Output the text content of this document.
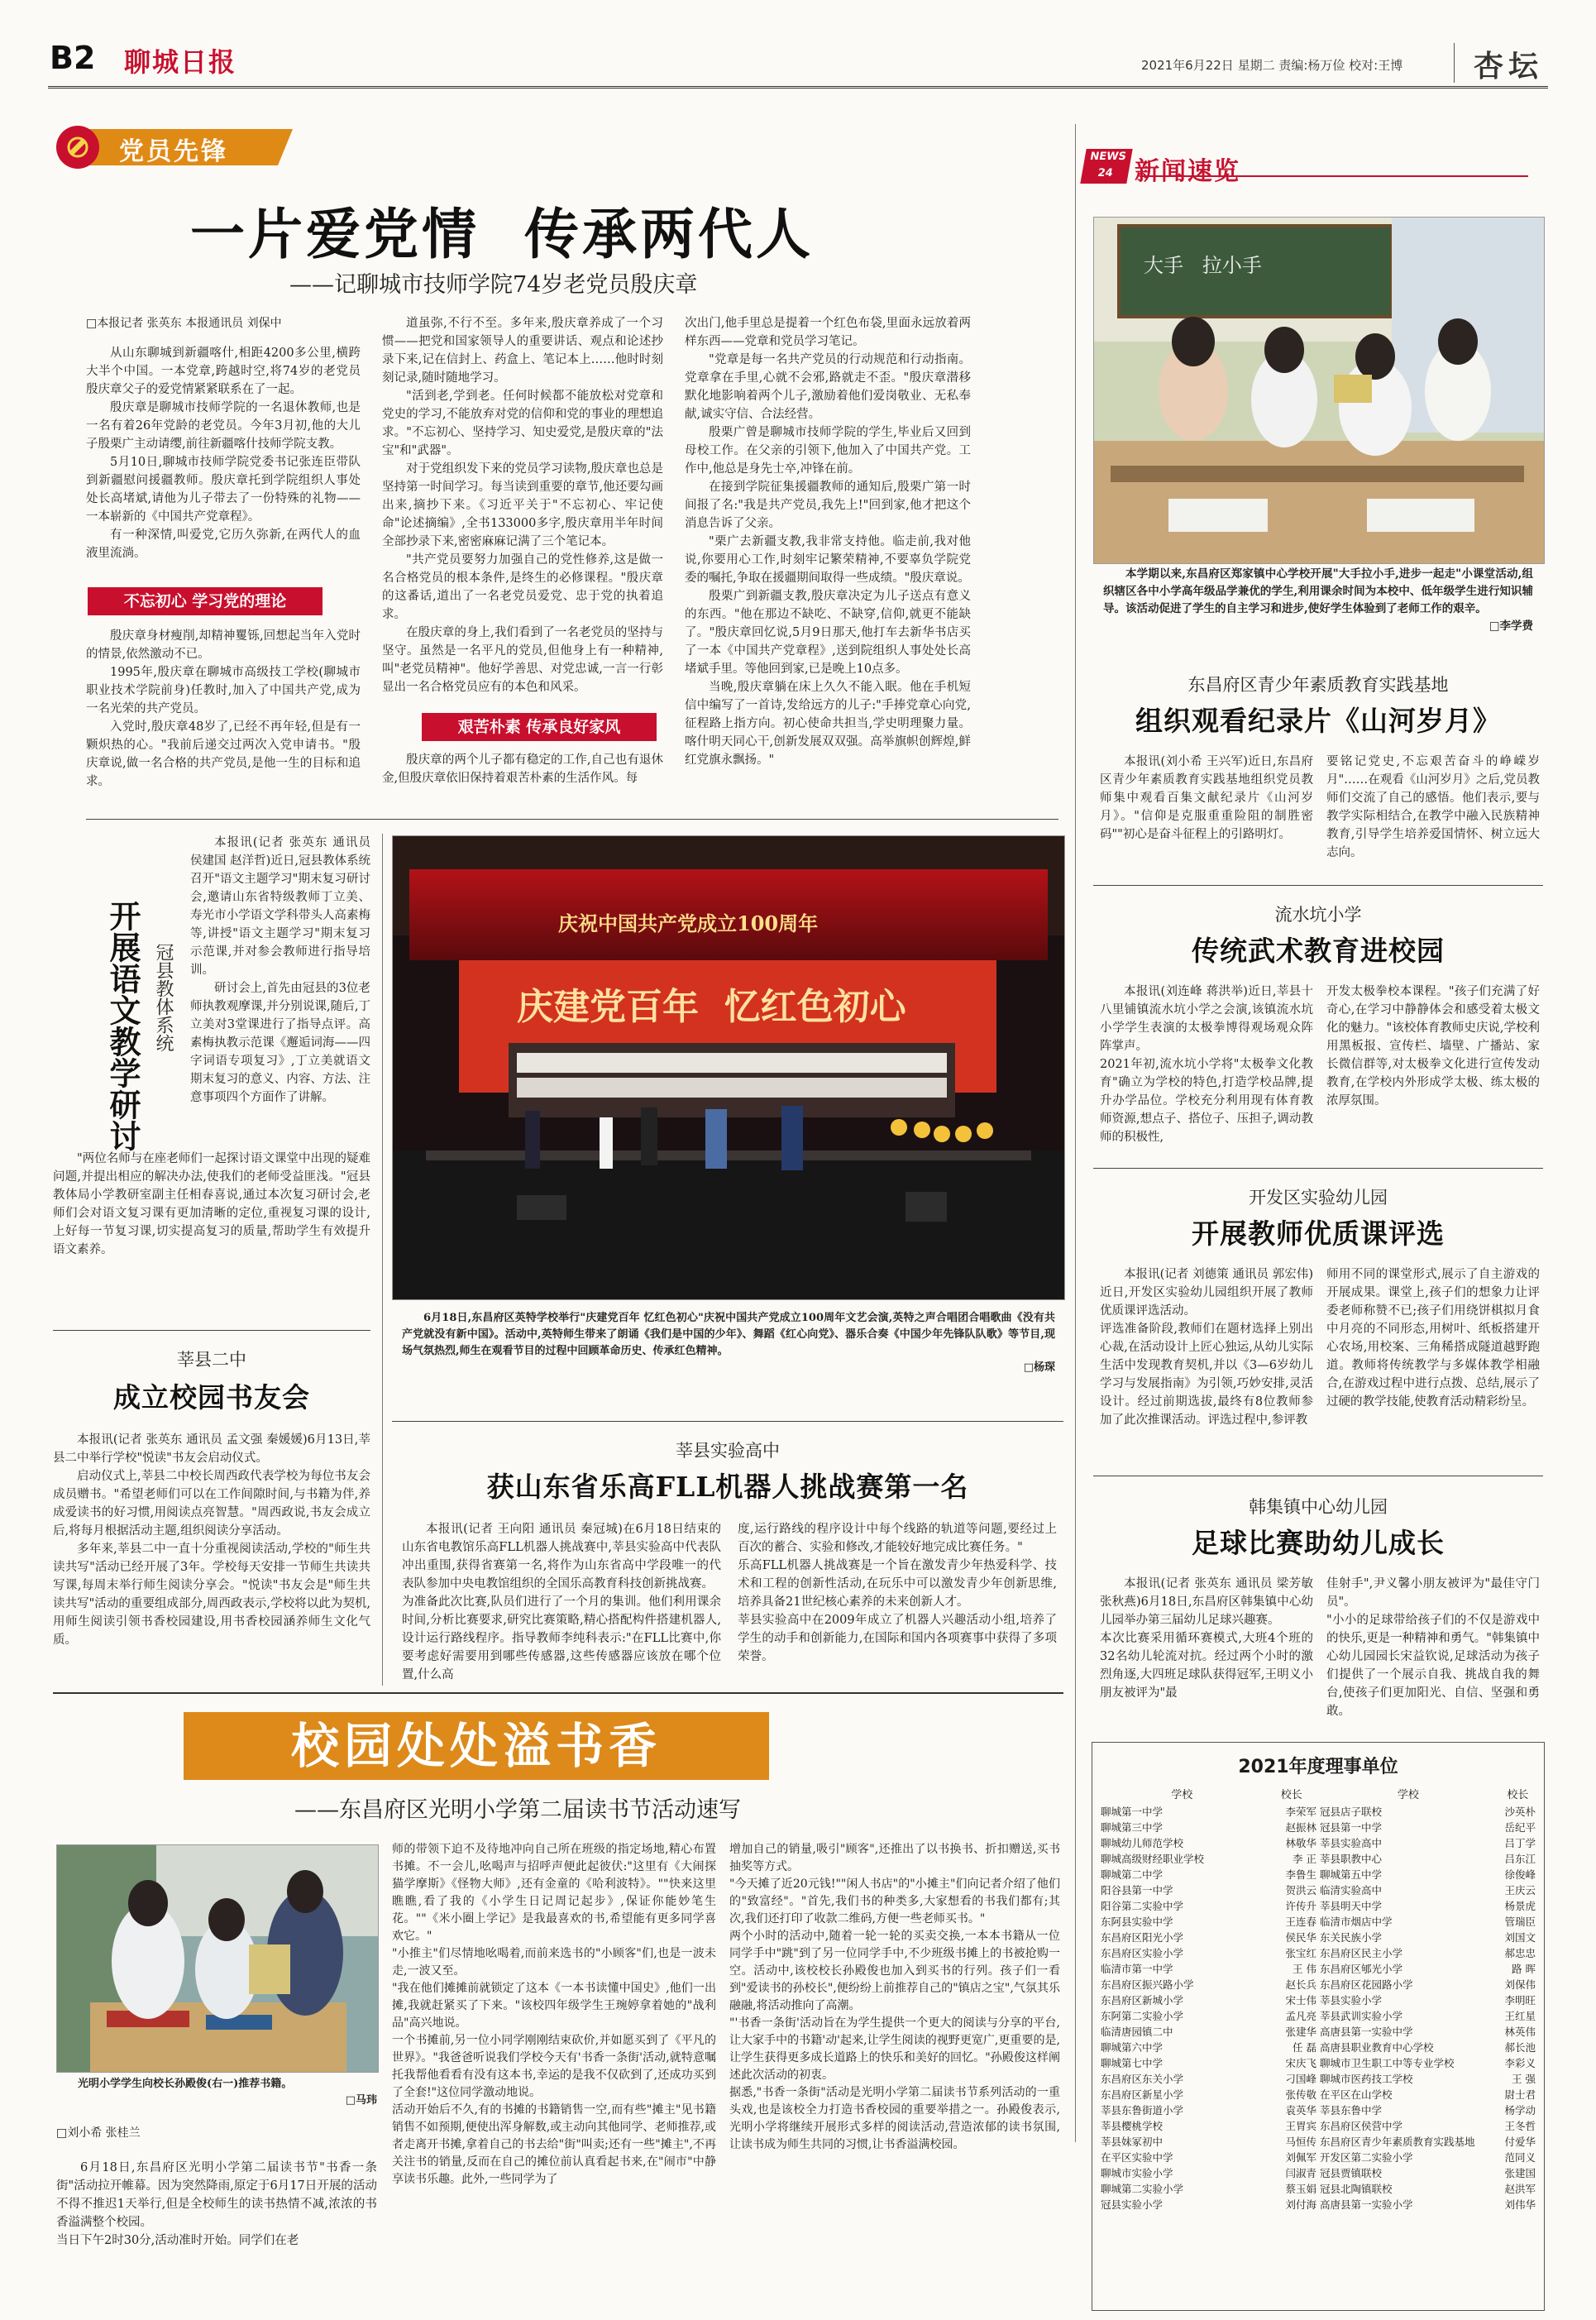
B2 聊城日报	2021年6月22日 星期二 责编:杨万俭 校对:王博 杏坛
党员先锋
一片爱党情  传承两代人
——记聊城市技师学院74岁老党员殷庆章
□本报记者 张英东 本报通讯员 刘保中

从山东聊城到新疆喀什,相距4200多公里,横跨大半个中国。一本党章,跨越时空,将74岁的老党员殷庆章父子的爱党情紧紧联系在了一起。

殷庆章是聊城市技师学院的一名退休教师,也是一名有着26年党龄的老党员。今年3月初,他的大儿子殷栗广主动请缨,前往新疆喀什技师学院支教。

5月10日,聊城市技师学院党委书记张连臣带队到新疆慰问援疆教师。殷庆章托到学院组织人事处处长高堵斌,请他为儿子带去了一份特殊的礼物——一本崭新的《中国共产党章程》。

有一种深情,叫爱党,它历久弥新,在两代人的血液里流淌。

不忘初心 学习党的理论

殷庆章身材瘦削,却精神矍铄,回想起当年入党时的情景,依然激动不已。

1995年,殷庆章在聊城市高级技工学校(聊城市职业技术学院前身)任教时,加入了中国共产党,成为一名光荣的共产党员。

入党时,殷庆章48岁了,已经不再年轻,但是有一颗炽热的心。"我前后递交过两次入党申请书。"殷庆章说,做一名合格的共产党员,是他一生的目标和追求。

道虽弥,不行不至。多年来,殷庆章养成了一个习惯——把党和国家领导人的重要讲话、观点和论述抄录下来,记在信封上、药盒上、笔记本上……他时时刻刻记录,随时随地学习。

"活到老,学到老。任何时候都不能放松对党章和党史的学习,不能放弃对党的信仰和党的事业的理想追求。"不忘初心、坚持学习、知史爱党,是殷庆章的"法宝"和"武器"。

对于党组织发下来的党员学习读物,殷庆章也总是坚持第一时间学习。每当读到重要的章节,他还要勾画出来,摘抄下来。《习近平关于"不忘初心、牢记使命"论述摘编》,全书133000多字,殷庆章用半年时间全部抄录下来,密密麻麻记满了三个笔记本。

"共产党员要努力加强自己的党性修养,这是做一名合格党员的根本条件,是终生的必修课程。"殷庆章的这番话,道出了一名老党员爱党、忠于党的执着追求。

在殷庆章的身上,我们看到了一名老党员的坚持与坚守。虽然是一名平凡的党员,但他身上有一种精神,叫"老党员精神"。他好学善思、对党忠诚,一言一行彰显出一名合格党员应有的本色和风采。

艰苦朴素 传承良好家风

殷庆章的两个儿子都有稳定的工作,自己也有退休金,但殷庆章依旧保持着艰苦朴素的生活作风。每

次出门,他手里总是提着一个红色布袋,里面永远放着两样东西——党章和党员学习笔记。

"党章是每一名共产党员的行动规范和行动指南。党章拿在手里,心就不会邪,路就走不歪。"殷庆章潜移默化地影响着两个儿子,激励着他们爱岗敬业、无私奉献,诚实守信、合法经营。

殷栗广曾是聊城市技师学院的学生,毕业后又回到母校工作。在父亲的引领下,他加入了中国共产党。工作中,他总是身先士卒,冲锋在前。

在接到学院征集援疆教师的通知后,殷栗广第一时间报了名:"我是共产党员,我先上!"回到家,他才把这个消息告诉了父亲。

"栗广去新疆支教,我非常支持他。临走前,我对他说,你要用心工作,时刻牢记繁荣精神,不要辜负学院党委的嘱托,争取在援疆期间取得一些成绩。"殷庆章说。

殷栗广到新疆支教,殷庆章决定为儿子送点有意义的东西。"他在那边不缺吃、不缺穿,信仰,就更不能缺了。"殷庆章回忆说,5月9日那天,他打车去新华书店买了一本《中国共产党章程》,送到院组织人事处处长高堵斌手里。等他回到家,已是晚上10点多。

当晚,殷庆章躺在床上久久不能入眠。他在手机短信中编写了一首诗,发给远方的儿子:"手捧党章心向党,征程路上指方向。初心使命共担当,学史明理聚力量。喀什明天同心干,创新发展双双强。高举旗帜创辉煌,鲜红党旗永飘扬。"

NEWS
24 新闻速览
大手   拉小手
本学期以来,东昌府区郑家镇中心学校开展"大手拉小手,进步一起走"小课堂活动,组织辖区各中小学高年级品学兼优的学生,利用课余时间为本校中、低年级学生进行知识辅导。该活动促进了学生的自主学习和进步,使好学生体验到了老师工作的艰辛。
□李学费
东昌府区青少年素质教育实践基地
组织观看纪录片《山河岁月》
本报讯(刘小希 王兴军)近日,东昌府区青少年素质教育实践基地组织党员教师集中观看百集文献纪录片《山河岁月》。"信仰是克服重重险阻的制胜密码""初心是奋斗征程上的引路明灯。
要铭记党史,不忘艰苦奋斗的峥嵘岁月"……在观看《山河岁月》之后,党员教师们交流了自己的感悟。他们表示,要与教学实际相结合,在教学中融入民族精神教育,引导学生培养爱国情怀、树立远大志向。
流水坑小学
传统武术教育进校园
本报讯(刘连峰 蒋洪举)近日,莘县十八里铺镇流水坑小学之会演,该镇流水坑小学学生表演的太极拳博得观场观众阵阵掌声。
2021年初,流水坑小学将"太极拳文化教育"确立为学校的特色,打造学校品牌,提升办学品位。学校充分利用现有体育教师资源,想点子、搭位子、压担子,调动教师的积极性,
开发太极拳校本课程。"孩子们充满了好奇心,在学习中静静体会和感受着太极文化的魅力。"该校体育教师史庆说,学校利用黑板报、宣传栏、墙壁、广播站、家长微信群等,对太极拳文化进行宣传发动教育,在学校内外形成学太极、练太极的浓厚氛围。
开发区实验幼儿园
开展教师优质课评选
本报讯(记者 刘德策 通讯员 郭宏伟)近日,开发区实验幼儿园组织开展了教师优质课评选活动。
评选准备阶段,教师们在题材选择上别出心裁,在活动设计上匠心独运,从幼儿实际生活中发现教育契机,并以《3—6岁幼儿学习与发展指南》为引领,巧妙安排,灵活设计。经过前期选拔,最终有8位教师参加了此次推课活动。评选过程中,参评教
师用不同的课堂形式,展示了自主游戏的开展成果。课堂上,孩子们的想象力让评委老师称赞不已;孩子们用绕饼棋拟月食中月亮的不同形态,用树叶、纸板搭建开心农场,用校案、三角稀搭成隧道越野跑道。教师将传统教学与多媒体教学相融合,在游戏过程中进行点拨、总结,展示了过硬的教学技能,使教育活动精彩纷呈。
韩集镇中心幼儿园
足球比赛助幼儿成长
本报讯(记者 张英东 通讯员 梁芳敏 张秋燕)6月18日,东昌府区韩集镇中心幼儿园举办第三届幼儿足球兴趣赛。
本次比赛采用循环赛模式,大班4个班的32名幼儿轮流对抗。经过两个小时的激烈角逐,大四班足球队获得冠军,王明义小朋友被评为"最
佳射手",尹义馨小朋友被评为"最佳守门员"。
"小小的足球带给孩子们的不仅是游戏中的快乐,更是一种精神和勇气。"韩集镇中心幼儿园园长宋益钦说,足球活动为孩子们提供了一个展示自我、挑战自我的舞台,使孩子们更加阳光、自信、坚强和勇敢。
开展语文教学研讨 冠县教体系统

本报讯(记者 张英东 通讯员 侯建国 赵洋哲)近日,冠县教体系统召开"语文主题学习"期末复习研讨会,邀请山东省特级教师丁立美、寿光市小学语文学科带头人高素梅等,讲授"语文主题学习"期末复习示范课,并对参会教师进行指导培训。

研讨会上,首先由冠县的3位老师执教观摩课,并分别说课,随后,丁立美对3堂课进行了指导点评。高素梅执教示范课《邂逅词海——四字词语专项复习》,丁立美就语文期末复习的意义、内容、方法、注意事项四个方面作了讲解。

"两位名师与在座老师们一起探讨语文课堂中出现的疑难问题,并提出相应的解决办法,使我们的老师受益匪浅。"冠县教体局小学教研室副主任相春喜说,通过本次复习研讨会,老师们会对语文复习课有更加清晰的定位,重视复习课的设计,上好每一节复习课,切实提高复习的质量,帮助学生有效提升语文素养。

莘县二中
成立校园书友会

本报讯(记者 张英东 通讯员 孟文强 秦媛媛)6月13日,莘县二中举行学校"悦读"书友会启动仪式。

启动仪式上,莘县二中校长周西政代表学校为每位书友会成员赠书。"希望老师们可以在工作间隙时间,与书籍为伴,养成爱读书的好习惯,用阅读点亮智慧。"周西政说,书友会成立后,将每月根据活动主题,组织阅读分享活动。

多年来,莘县二中一直十分重视阅读活动,学校的"师生共读共写"活动已经开展了3年。学校每天安排一节师生共读共写课,每周末举行师生阅读分享会。"悦读"书友会是"师生共读共写"活动的重要组成部分,周西政表示,学校将以此为契机,用师生阅读引领书香校园建设,用书香校园涵养师生文化气质。

庆祝中国共产党成立100周年
庆建党百年  忆红色初心
6月18日,东昌府区英特学校举行"庆建党百年 忆红色初心"庆祝中国共产党成立100周年文艺会演,英特之声合唱团合唱歌曲《没有共产党就没有新中国》。活动中,英特师生带来了朗诵《我们是中国的少年》、舞蹈《红心向党》、器乐合奏《中国少年先锋队队歌》等节目,现场气氛热烈,师生在观看节目的过程中回顾革命历史、传承红色精神。
□杨琛
莘县实验高中
获山东省乐高FLL机器人挑战赛第一名
本报讯(记者 王向阳 通讯员 秦冠城)在6月18日结束的山东省电教馆乐高FLL机器人挑战赛中,莘县实验高中代表队冲出重围,获得省赛第一名,将作为山东省高中学段唯一的代表队参加中央电教馆组织的全国乐高教育科技创新挑战赛。
为准备此次比赛,队员们进行了一个月的集训。他们利用课余时间,分析比赛要求,研究比赛策略,精心搭配构件搭建机器人,设计运行路线程序。指导教师李纯科表示:"在FLL比赛中,你要考虑好需要用到哪些传感器,这些传感器应该放在哪个位置,什么高
度,运行路线的程序设计中每个线路的轨道等问题,要经过上百次的蓄合、实验和修改,才能较好地完成比赛任务。"
乐高FLL机器人挑战赛是一个旨在激发青少年热爱科学、技术和工程的创新性活动,在玩乐中可以激发青少年创新思维,培养具备21世纪核心素养的未来创新人才。
莘县实验高中在2009年成立了机器人兴趣活动小组,培养了学生的动手和创新能力,在国际和国内各项赛事中获得了多项荣誉。
校园处处溢书香
——东昌府区光明小学第二届读书节活动速写
光明小学学生向校长孙殿俊(右一)推荐书籍。
□马玮
□刘小希 张桂兰
6月18日,东昌府区光明小学第二届读书节"书香一条街"活动拉开帷幕。因为突然降雨,原定于6月17日开展的活动不得不推迟1天举行,但是全校师生的读书热情不减,浓浓的书香溢满整个校园。
当日下午2时30分,活动准时开始。同学们在老
师的带领下迫不及待地冲向自己所在班级的指定场地,精心布置书摊。不一会儿,吆喝声与招呼声便此起彼伏:"这里有《大闹探猫学摩斯》《怪物大师》,还有金童的《哈利波特》。""快来这里瞧瞧,看了我的《小学生日记周记起步》,保证你能妙笔生花。""《米小圈上学记》是我最喜欢的书,希望能有更多同学喜欢它。"
"小推主"们尽情地吆喝着,而前来选书的"小顾客"们,也是一波未走,一波又至。
"我在他们摊摊前就锁定了这本《一本书读懂中国史》,他们一出摊,我就赶紧买了下来。"该校四年级学生王琬婷拿着她的"战利品"高兴地说。
一个书摊前,另一位小同学刚刚结束砍价,并如愿买到了《平凡的世界》。"我爸爸听说我们学校今天有'书香一条街'活动,就特意嘱托我帮他看看有没有这本书,幸运的是我不仅砍到了,还成功买到了全套!"这位同学激动地说。
活动开始后不久,有的书摊的书籍销售一空,而有些"摊主"见书籍销售不如预期,便使出浑身解数,或主动向其他同学、老师推荐,或者走离开书摊,拿着自己的书去给"街"叫卖;还有一些"摊主",不再关注书的销量,反而在自己的摊位前认真看起书来,在"闹市"中静享读书乐趣。此外,一些同学为了
增加自己的销量,吸引"顾客",还推出了以书换书、折扣赠送,买书抽奖等方式。
"今天摊了近20元钱!""闲人书店"的"小摊主"们向记者介绍了他们的"致富经"。"首先,我们书的种类多,大家想看的书我们都有;其次,我们还打印了收款二维码,方便一些老师买书。"
两个小时的活动中,随着一轮一轮的买卖交换,一本本书籍从一位同学手中"跳"到了另一位同学手中,不少班级书摊上的书被抢购一空。活动中,该校校长孙殿俊也加入到买书的行列。孩子们一看到"爱读书的孙校长",便纷纷上前推荐自己的"镇店之宝",气氛其乐融融,将活动推向了高潮。
"'书香一条街'活动旨在为学生提供一个更大的阅读与分享的平台,让大家手中的书籍'动'起来,让学生阅读的视野更宽广,更重要的是,让学生获得更多成长道路上的快乐和美好的回忆。"孙殿俊这样阐述此次活动的初衷。
据悉,"书香一条街"活动是光明小学第二届读书节系列活动的一重头戏,也是该校全力打造书香校园的重要举措之一。孙殿俊表示,光明小学将继续开展形式多样的阅读活动,营造浓郁的读书氛围,让读书成为师生共同的习惯,让书香溢满校园。
2021年度理事单位
学校	校长
聊城第一中学	李荣军
聊城第三中学	赵振林
聊城幼儿师范学校	林敬华
聊城高级财经职业学校	李 正
聊城第二中学	李鲁生
阳谷县第一中学	贺洪云
阳谷第二实验中学	许传升
东阿县实验中学	王连春
东昌府区阳光小学	侯民华
东昌府区实验小学	张宝红
临清市第一中学	王 伟
东昌府区振兴路小学	赵长兵
东昌府区新城小学	宋士伟
东阿第二实验小学	孟凡亮
临清唐园镇二中	张建华
聊城第六中学	任 磊
聊城第七中学	宋庆飞
东昌府区东关小学	刁国峰
东昌府区新星小学	张传敬
莘县东鲁街道小学	袁英华
莘县樱桃学校	王胃宾
莘县妹冢初中	马恒传
在平区实验中学	刘佩军
聊城市实验小学	闫淑青
聊城第二实验小学	蔡玉娟
冠县实验小学	刘付海
学校	校长
冠县店子联校	沙英朴
冠县第一中学	岳纪平
莘县实验高中	吕丁学
莘县职教中心	吕东江
聊城第五中学	徐俊峰
临清实验高中	王庆云
莘县明天中学	杨景虎
临清市烟店中学	管瑞臣
东关民族小学	刘国文
东昌府区民主小学	郝忠忠
东昌府区郇光小学	路 晖
东昌府区花园路小学	刘保伟
莘县实验小学	李明旺
莘县武训实验小学	王红星
高唐县第一实验中学	林英伟
高唐县职业教育中心学校	郝长池
聊城市卫生职工中等专业学校	李彩义
聊城市医药技工学校	王 强
在平区在山学校	尉士君
莘县东鲁中学	杨学动
东昌府区侯营中学	王冬哲
东昌府区青少年素质教育实践基地	付爱华
开发区第二实验小学	范同义
冠县贾镇联校	张建国
冠县北陶镇联校	赵洪军
高唐县第一实验小学	刘伟华
